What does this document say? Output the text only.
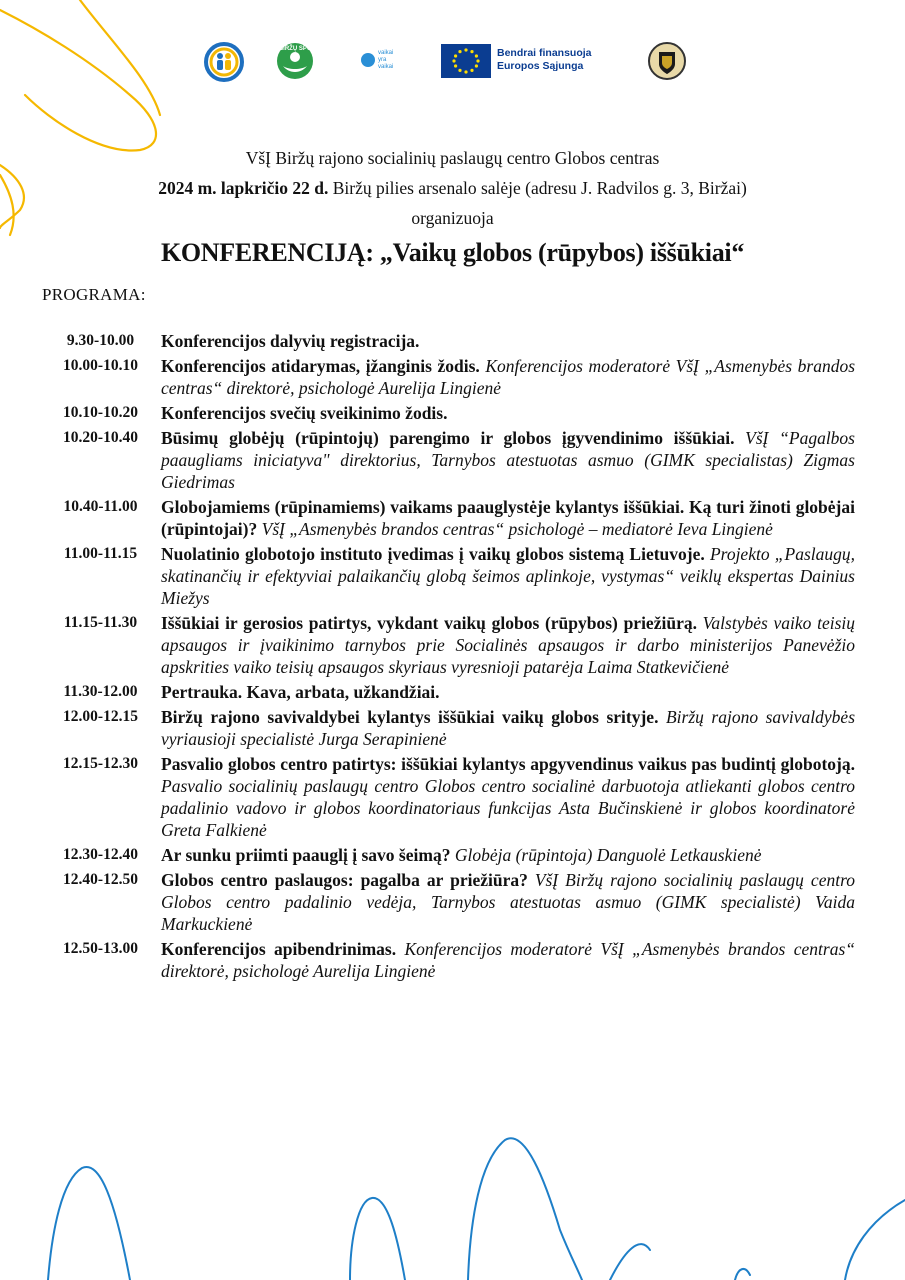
BIRŽŲ SPC
vaikai
yra
vaikai
Bendrai finansuoja
Europos Sąjunga
VšĮ Biržų rajono socialinių paslaugų centro Globos centras
2024 m. lapkričio 22 d. Biržų pilies arsenalo salėje (adresu J. Radvilos g. 3, Biržai)
organizuoja
KONFERENCIJĄ: „Vaikų globos (rūpybos) iššūkiai“
PROGRAMA:
9.30-10.00	Konferencijos dalyvių registracija.
10.00-10.10	Konferencijos atidarymas, įžanginis žodis. Konferencijos moderatorė VšĮ „Asmenybės brandos centras“ direktorė, psichologė Aurelija Lingienė
10.10-10.20	Konferencijos svečių sveikinimo žodis.
10.20-10.40	Būsimų globėjų (rūpintojų) parengimo ir globos įgyvendinimo iššūkiai. VšĮ “Pagalbos paaugliams iniciatyva" direktorius, Tarnybos atestuotas asmuo (GIMK specialistas) Zigmas Giedrimas
10.40-11.00	Globojamiems (rūpinamiems) vaikams paauglystėje kylantys iššūkiai. Ką turi žinoti globėjai (rūpintojai)? VšĮ „Asmenybės brandos centras“ psichologė – mediatorė Ieva Lingienė
11.00-11.15	Nuolatinio globotojo instituto įvedimas į vaikų globos sistemą Lietuvoje. Projekto „Paslaugų, skatinančių ir efektyviai palaikančių globą šeimos aplinkoje, vystymas“ veiklų ekspertas Dainius Miežys
11.15-11.30	Iššūkiai ir gerosios patirtys, vykdant vaikų globos (rūpybos) priežiūrą. Valstybės vaiko teisių apsaugos ir įvaikinimo tarnybos prie Socialinės apsaugos ir darbo ministerijos Panevėžio apskrities vaiko teisių apsaugos skyriaus vyresnioji patarėja Laima Statkevičienė
11.30-12.00	Pertrauka. Kava, arbata, užkandžiai.
12.00-12.15	Biržų rajono savivaldybei kylantys iššūkiai vaikų globos srityje. Biržų rajono savivaldybės vyriausioji specialistė Jurga Serapinienė
12.15-12.30	Pasvalio globos centro patirtys: iššūkiai kylantys apgyvendinus vaikus pas budintį globotoją. Pasvalio socialinių paslaugų centro Globos centro socialinė darbuotoja atliekanti globos centro padalinio vadovo ir globos koordinatoriaus funkcijas Asta Bučinskienė ir globos koordinatorė Greta Falkienė
12.30-12.40	Ar sunku priimti paauglį į savo šeimą? Globėja (rūpintoja) Danguolė Letkauskienė
12.40-12.50	Globos centro paslaugos: pagalba ar priežiūra? VšĮ Biržų rajono socialinių paslaugų centro Globos centro padalinio vedėja, Tarnybos atestuotas asmuo (GIMK specialistė) Vaida Markuckienė
12.50-13.00	Konferencijos apibendrinimas. Konferencijos moderatorė VšĮ „Asmenybės brandos centras“ direktorė, psichologė Aurelija Lingienė
